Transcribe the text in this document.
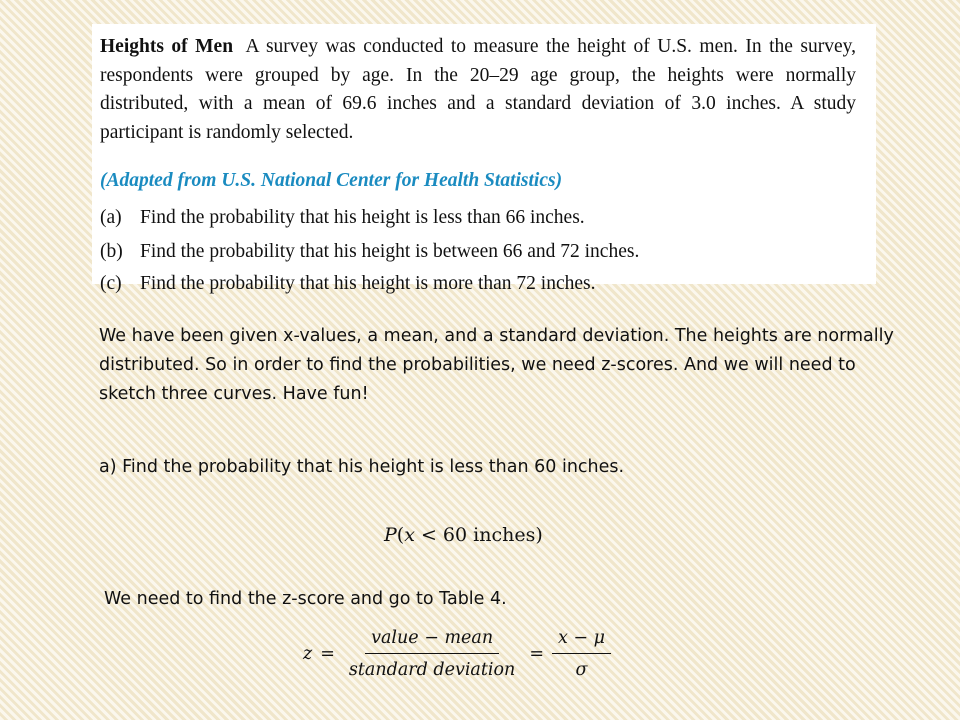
Heights of Men A survey was conducted to measure the height of U.S. men. In the survey, respondents were grouped by age. In the 20–29 age group, the heights were normally distributed, with a mean of 69.6 inches and a standard deviation of 3.0 inches. A study participant is randomly selected.
(Adapted from U.S. National Center for Health Statistics)
(a) Find the probability that his height is less than 66 inches.
(b) Find the probability that his height is between 66 and 72 inches.
(c) Find the probability that his height is more than 72 inches.
We have been given x-values, a mean, and a standard deviation. The heights are normally distributed. So in order to find the probabilities, we need z-scores. And we will need to sketch three curves. Have fun!
a) Find the probability that his height is less than 60 inches.
P(x < 60 inches)
We need to find the z-score and go to Table 4.
$z = \frac{\text{value − mean}}{\text{standard deviation}} = \frac{x - \mu}{\sigma}$
